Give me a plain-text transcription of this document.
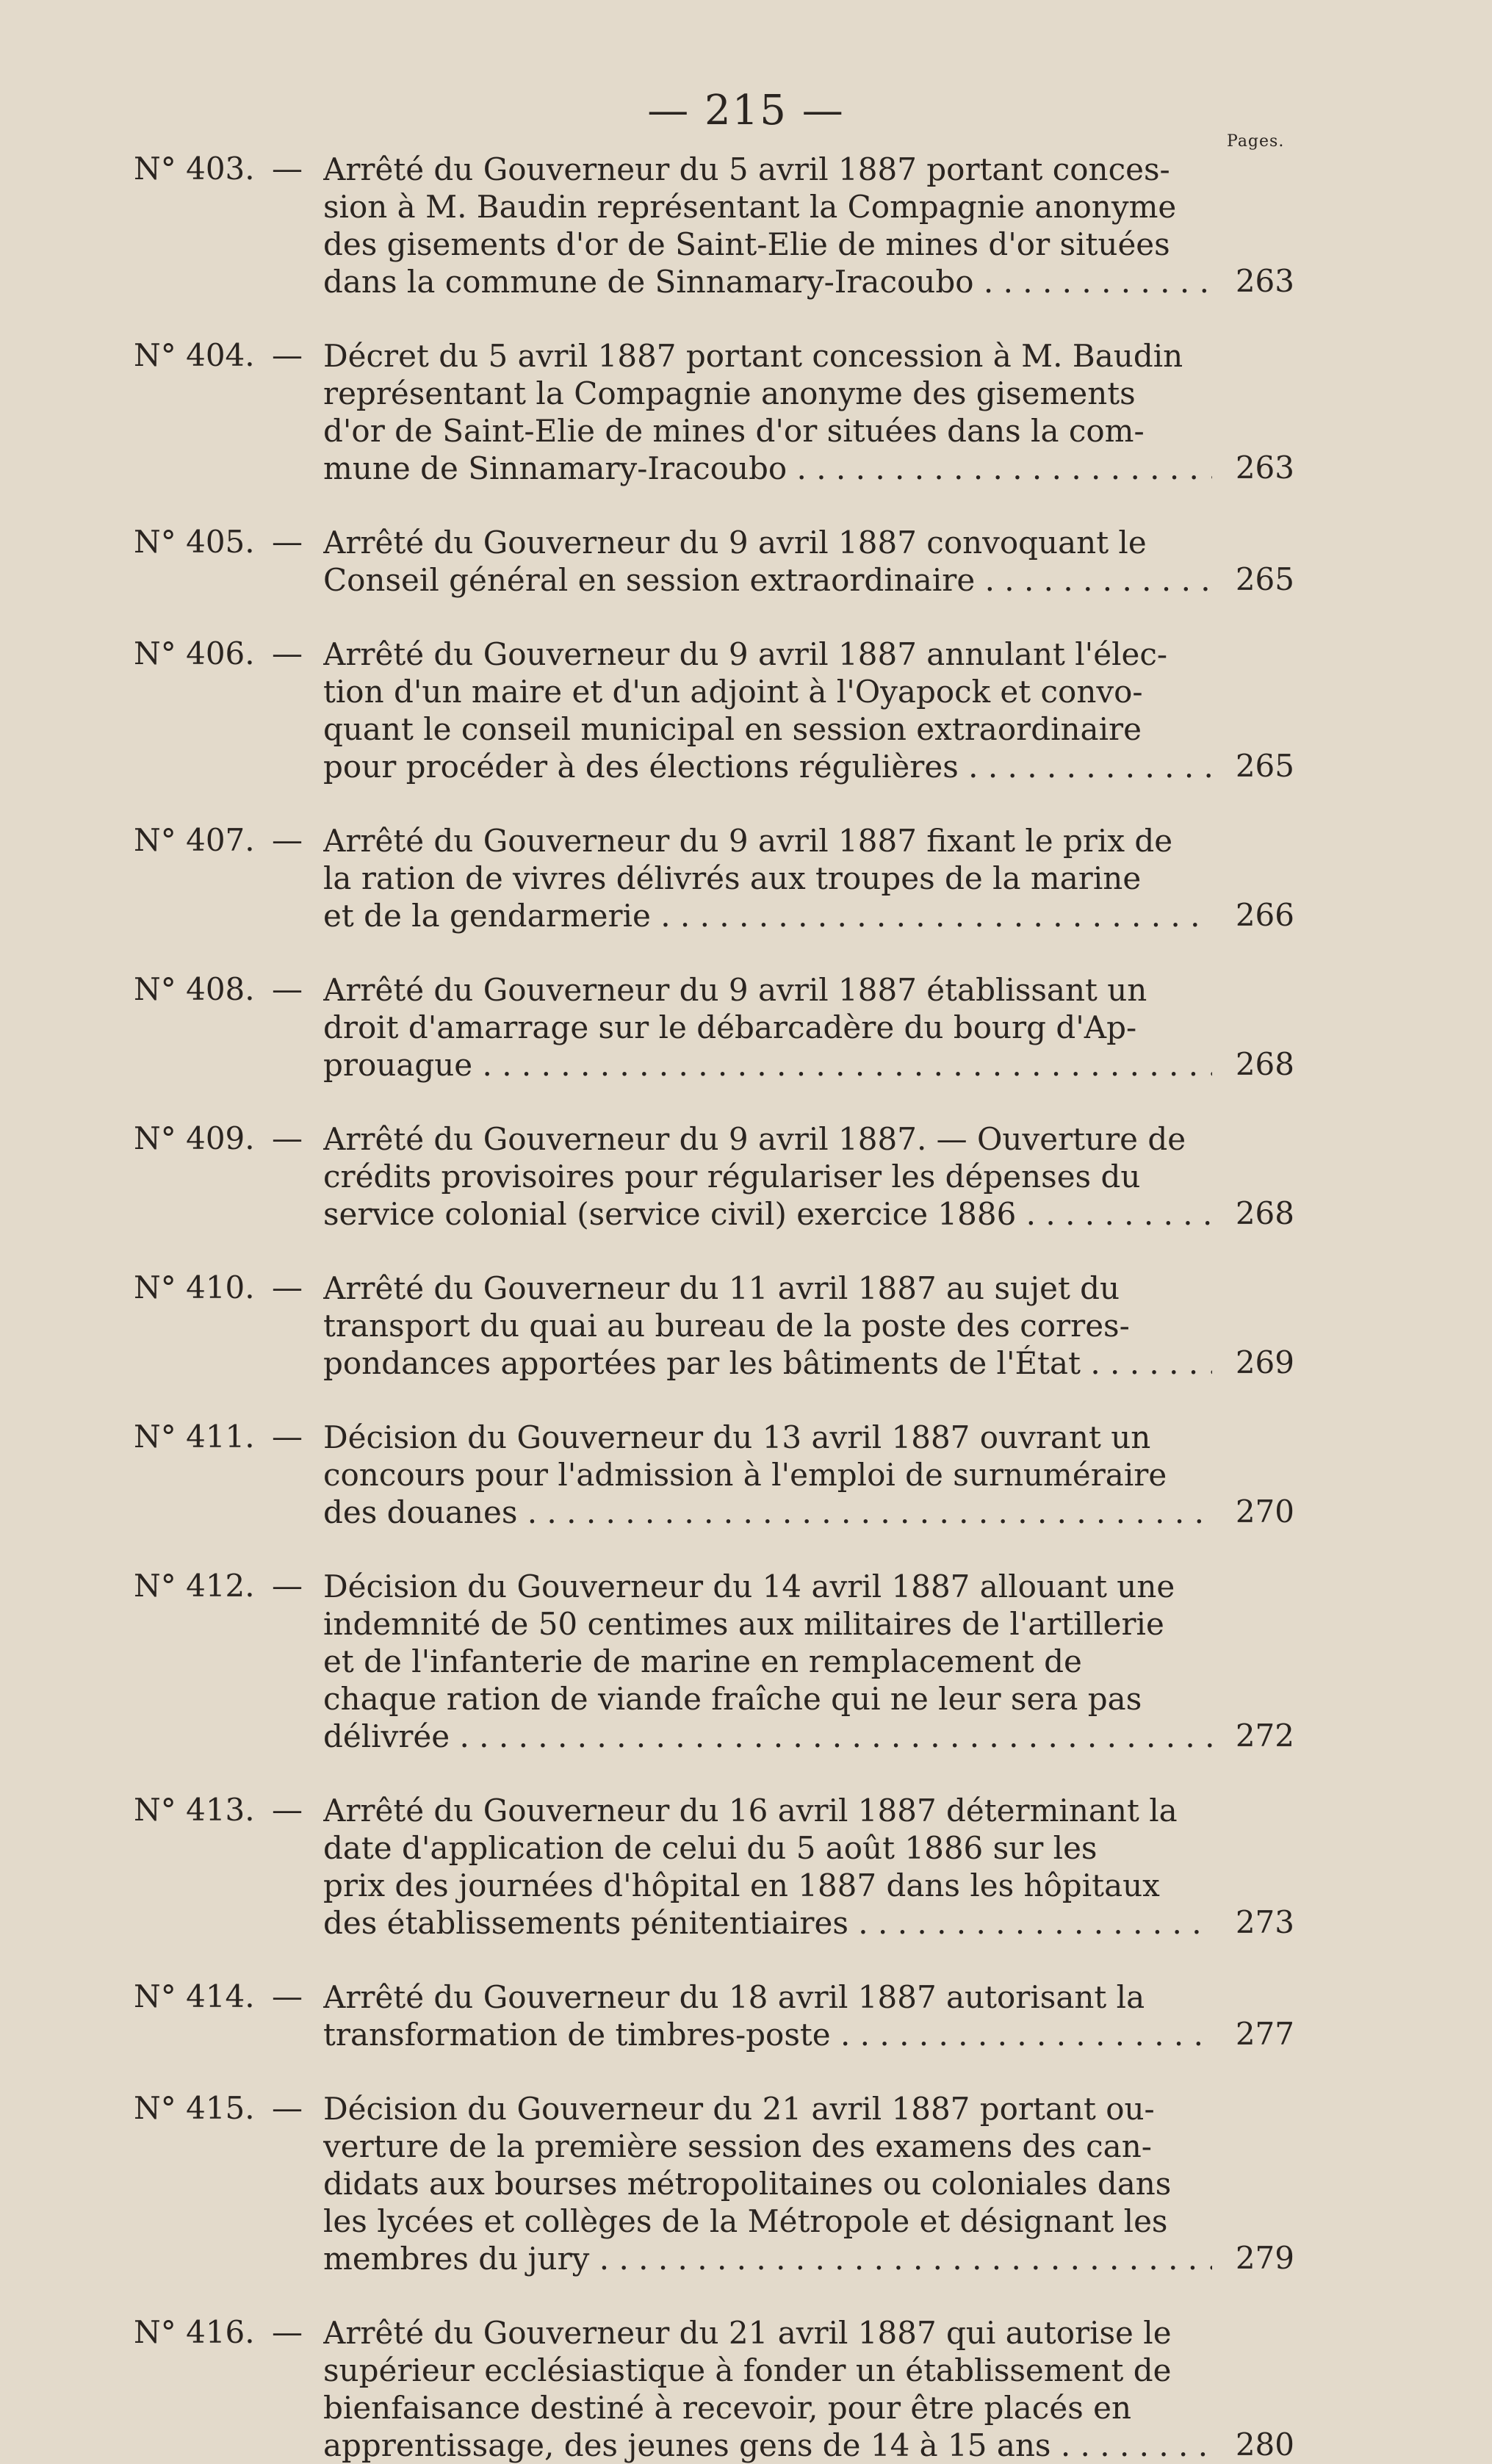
— 215 —
Pages.
N° 403. — Arrêté du Gouverneur du 5 avril 1887 portant conces-
sion à M. Baudin représentant la Compagnie anonyme
des gisements d'or de Saint-Elie de mines d'or situées
dans la commune de Sinnamary-Iracoubo . . .	263
N° 404. — Décret du 5 avril 1887 portant concession à M. Baudin
représentant la Compagnie anonyme des gisements
d'or de Saint-Elie de mines d'or situées dans la com-
mune de Sinnamary-Iracoubo . . .	263
N° 405. — Arrêté du Gouverneur du 9 avril 1887 convoquant le
Conseil général en session extraordinaire . . .	265
N° 406. — Arrêté du Gouverneur du 9 avril 1887 annulant l'élec-
tion d'un maire et d'un adjoint à l'Oyapock et convo-
quant le conseil municipal en session extraordinaire
pour procéder à des élections régulières . . .	265
N° 407. — Arrêté du Gouverneur du 9 avril 1887 fixant le prix de
la ration de vivres délivrés aux troupes de la marine
et de la gendarmerie . . .	266
N° 408. — Arrêté du Gouverneur du 9 avril 1887 établissant un
droit d'amarrage sur le débarcadère du bourg d'Ap-
prouague . . .	268
N° 409. — Arrêté du Gouverneur du 9 avril 1887. — Ouverture de
crédits provisoires pour régulariser les dépenses du
service colonial (service civil) exercice 1886 . . .	268
N° 410. — Arrêté du Gouverneur du 11 avril 1887 au sujet du
transport du quai au bureau de la poste des corres-
pondances apportées par les bâtiments de l'État . . .	269
N° 411. — Décision du Gouverneur du 13 avril 1887 ouvrant un
concours pour l'admission à l'emploi de surnuméraire
des douanes . . .	270
N° 412. — Décision du Gouverneur du 14 avril 1887 allouant une
indemnité de 50 centimes aux militaires de l'artillerie
et de l'infanterie de marine en remplacement de
chaque ration de viande fraîche qui ne leur sera pas
délivrée . . .	272
N° 413. — Arrêté du Gouverneur du 16 avril 1887 déterminant la
date d'application de celui du 5 août 1886 sur les
prix des journées d'hôpital en 1887 dans les hôpitaux
des établissements pénitentiaires . . .	273
N° 414. — Arrêté du Gouverneur du 18 avril 1887 autorisant la
transformation de timbres-poste . . .	277
N° 415. — Décision du Gouverneur du 21 avril 1887 portant ou-
verture de la première session des examens des can-
didats aux bourses métropolitaines ou coloniales dans
les lycées et collèges de la Métropole et désignant les
membres du jury . . .	279
N° 416. — Arrêté du Gouverneur du 21 avril 1887 qui autorise le
supérieur ecclésiastique à fonder un établissement de
bienfaisance destiné à recevoir, pour être placés en
apprentissage, des jeunes gens de 14 à 15 ans . . .	280
